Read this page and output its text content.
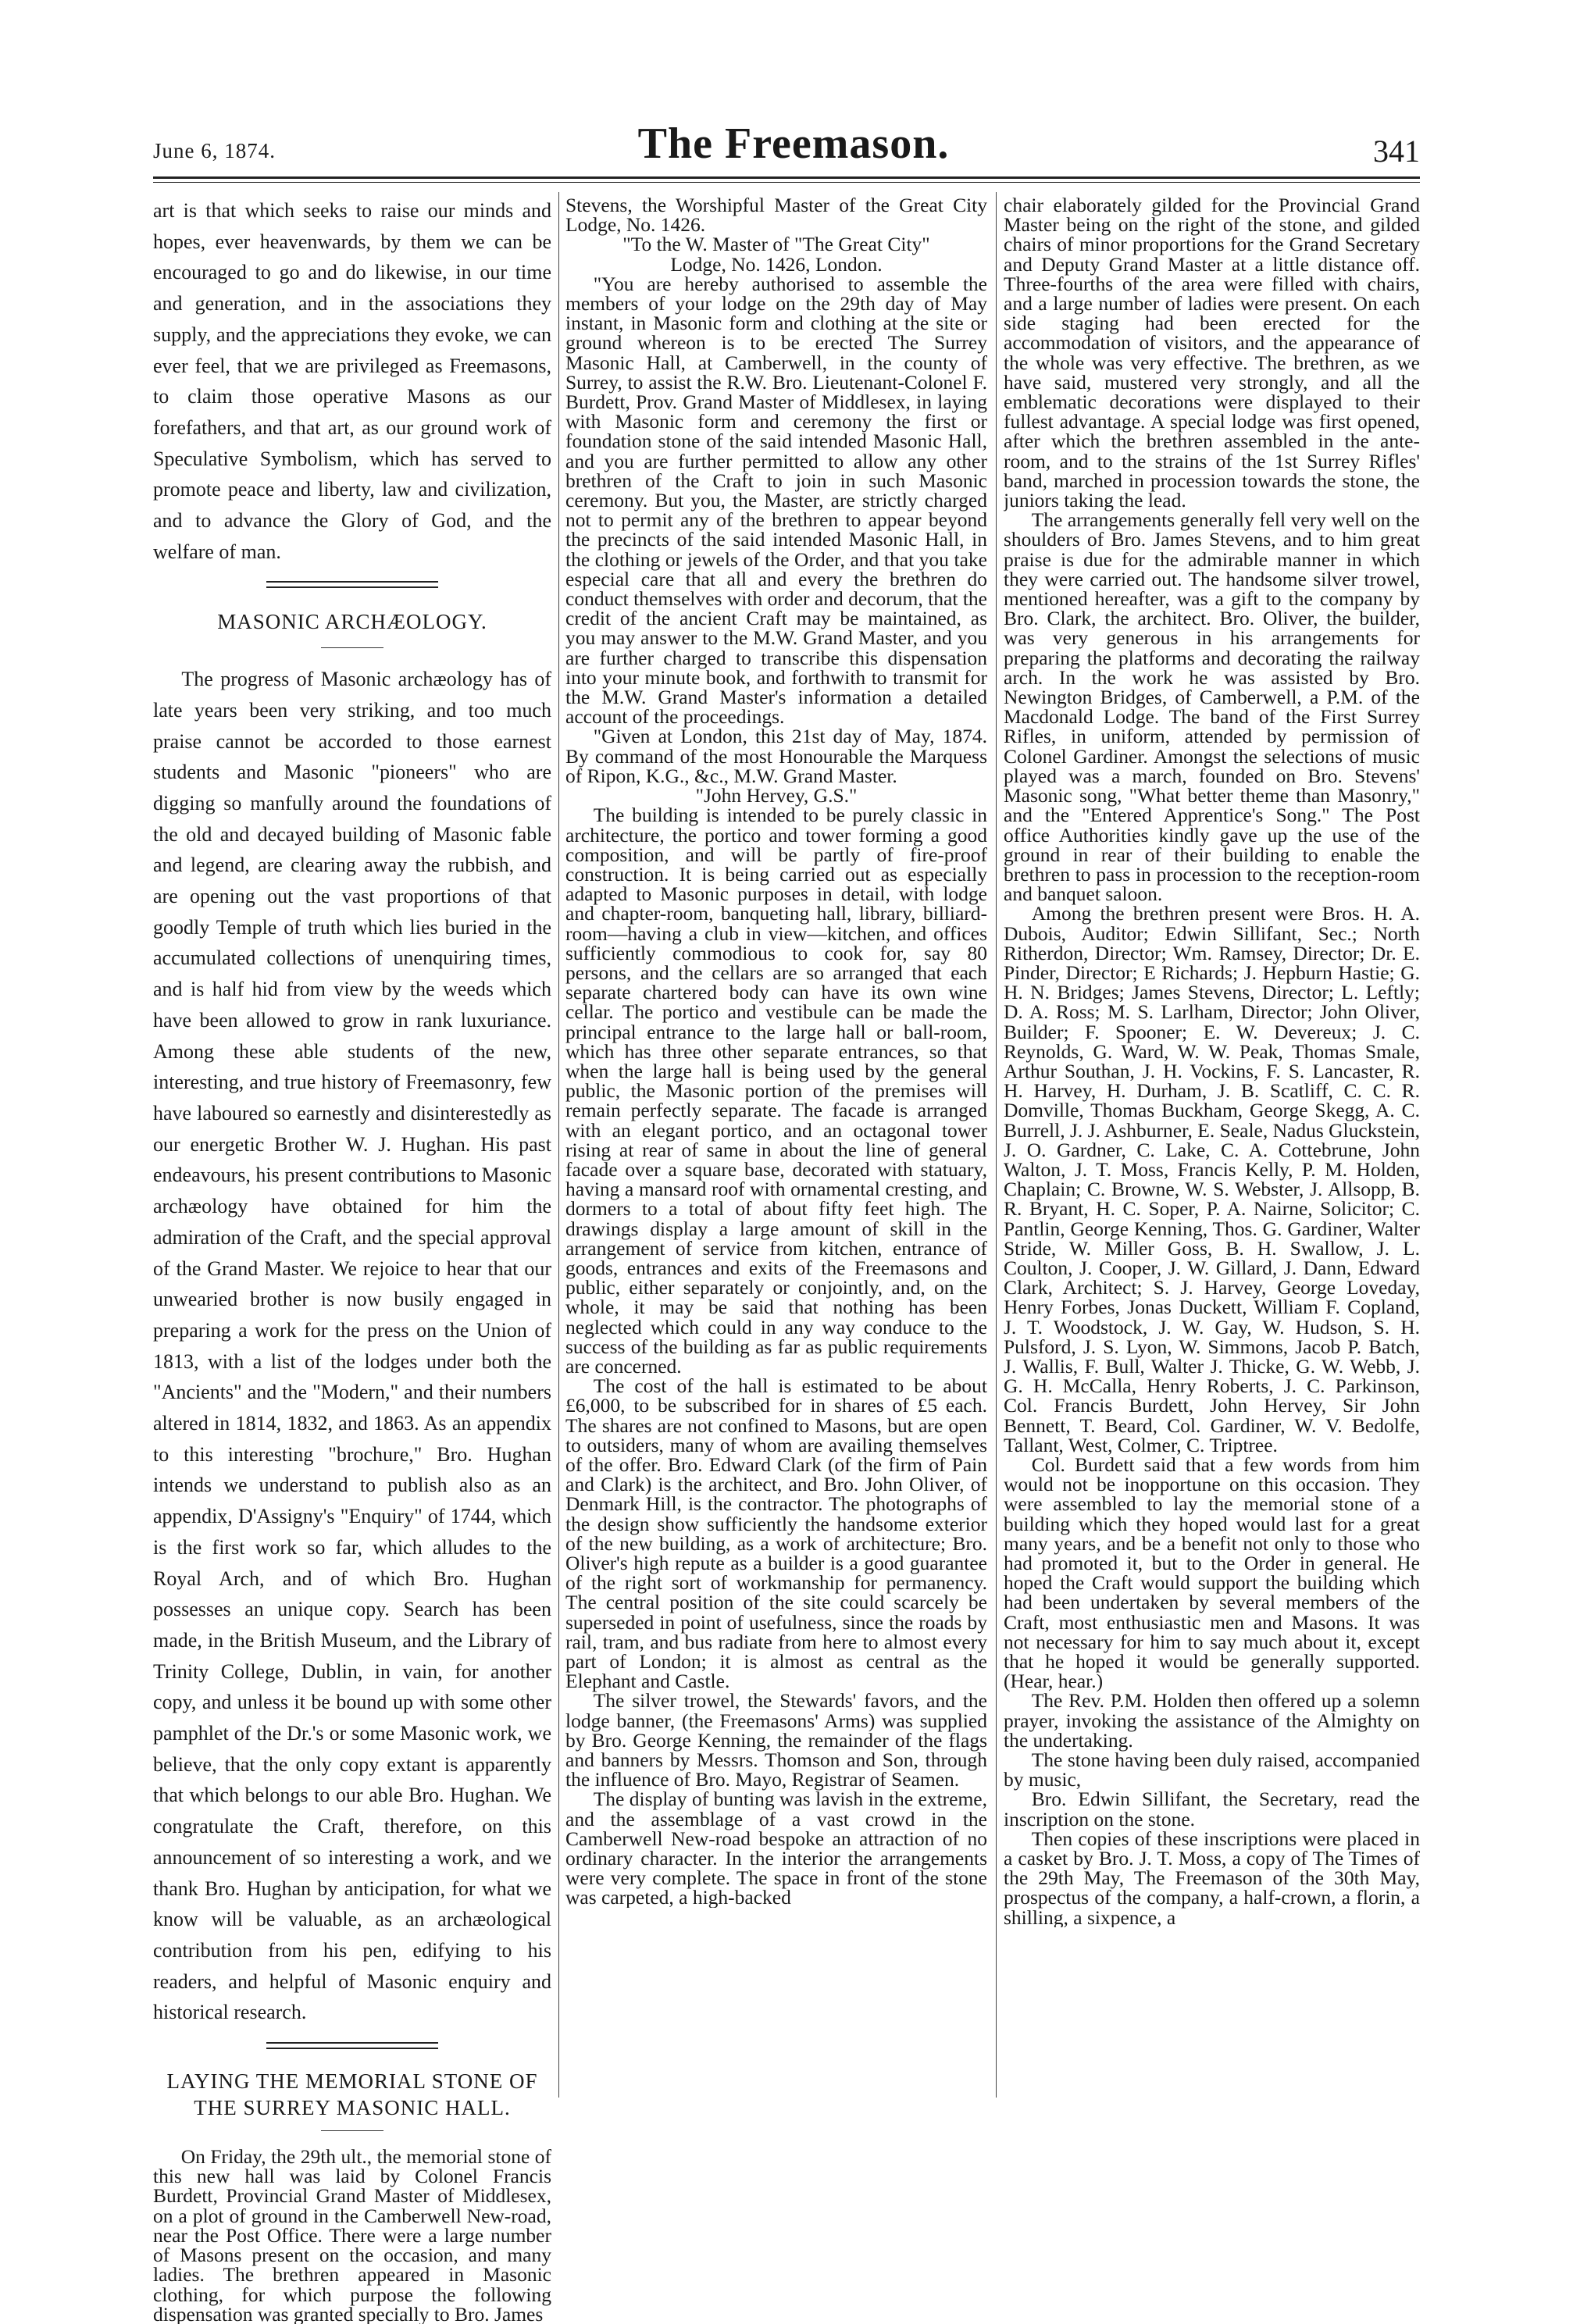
June 6, 1874.	The Freemason.	341

art is that which seeks to raise our minds and hopes, ever heavenwards, by them we can be encouraged to go and do likewise, in our time and generation, and in the associations they supply, and the appreciations they evoke, we can ever feel, that we are privileged as Freemasons, to claim those operative Masons as our forefathers, and that art, as our ground work of Speculative Symbolism, which has served to promote peace and liberty, law and civilization, and to advance the Glory of God, and the welfare of man.

MASONIC ARCHÆOLOGY.

The progress of Masonic archæology has of late years been very striking, and too much praise cannot be accorded to those earnest students and Masonic "pioneers" who are digging so manfully around the foundations of the old and decayed building of Masonic fable and legend, are clearing away the rubbish, and are opening out the vast proportions of that goodly Temple of truth which lies buried in the accumulated collections of unenquiring times, and is half hid from view by the weeds which have been allowed to grow in rank luxuriance. Among these able students of the new, interesting, and true history of Freemasonry, few have laboured so earnestly and disinterestedly as our energetic Brother W. J. Hughan. His past endeavours, his present contributions to Masonic archæology have obtained for him the admiration of the Craft, and the special approval of the Grand Master. We rejoice to hear that our unwearied brother is now busily engaged in preparing a work for the press on the Union of 1813, with a list of the lodges under both the "Ancients" and the "Modern," and their numbers altered in 1814, 1832, and 1863. As an appendix to this interesting "brochure," Bro. Hughan intends we understand to publish also as an appendix, D'Assigny's "Enquiry" of 1744, which is the first work so far, which alludes to the Royal Arch, and of which Bro. Hughan possesses an unique copy. Search has been made, in the British Museum, and the Library of Trinity College, Dublin, in vain, for another copy, and unless it be bound up with some other pamphlet of the Dr.'s or some Masonic work, we believe, that the only copy extant is apparently that which belongs to our able Bro. Hughan. We congratulate the Craft, therefore, on this announcement of so interesting a work, and we thank Bro. Hughan by anticipation, for what we know will be valuable, as an archæological contribution from his pen, edifying to his readers, and helpful of Masonic enquiry and historical research.

LAYING THE MEMORIAL STONE OF THE SURREY MASONIC HALL.

On Friday, the 29th ult., the memorial stone of this new hall was laid by Colonel Francis Burdett, Provincial Grand Master of Middlesex, on a plot of ground in the Camberwell New-road, near the Post Office. There were a large number of Masons present on the occasion, and many ladies. The brethren appeared in Masonic clothing, for which purpose the following dispensation was granted specially to Bro. James

Stevens, the Worshipful Master of the Great City Lodge, No. 1426.

"To the W. Master of "The Great City"

Lodge, No. 1426, London.

"You are hereby authorised to assemble the members of your lodge on the 29th day of May instant, in Masonic form and clothing at the site or ground whereon is to be erected The Surrey Masonic Hall, at Camberwell, in the county of Surrey, to assist the R.W. Bro. Lieutenant-Colonel F. Burdett, Prov. Grand Master of Middlesex, in laying with Masonic form and ceremony the first or foundation stone of the said intended Masonic Hall, and you are further permitted to allow any other brethren of the Craft to join in such Masonic ceremony. But you, the Master, are strictly charged not to permit any of the brethren to appear beyond the precincts of the said intended Masonic Hall, in the clothing or jewels of the Order, and that you take especial care that all and every the brethren do conduct themselves with order and decorum, that the credit of the ancient Craft may be maintained, as you may answer to the M.W. Grand Master, and you are further charged to transcribe this dispensation into your minute book, and forthwith to transmit for the M.W. Grand Master's information a detailed account of the proceedings.

"Given at London, this 21st day of May, 1874. By command of the most Honourable the Marquess of Ripon, K.G., &c., M.W. Grand Master.

"John Hervey, G.S."

The building is intended to be purely classic in architecture, the portico and tower forming a good composition, and will be partly of fire-proof construction. It is being carried out as especially adapted to Masonic purposes in detail, with lodge and chapter-room, banqueting hall, library, billiard-room—having a club in view—kitchen, and offices sufficiently commodious to cook for, say 80 persons, and the cellars are so arranged that each separate chartered body can have its own wine cellar. The portico and vestibule can be made the principal entrance to the large hall or ball-room, which has three other separate entrances, so that when the large hall is being used by the general public, the Masonic portion of the premises will remain perfectly separate. The facade is arranged with an elegant portico, and an octagonal tower rising at rear of same in about the line of general facade over a square base, decorated with statuary, having a mansard roof with ornamental cresting, and dormers to a total of about fifty feet high. The drawings display a large amount of skill in the arrangement of service from kitchen, entrance of goods, entrances and exits of the Freemasons and public, either separately or conjointly, and, on the whole, it may be said that nothing has been neglected which could in any way conduce to the success of the building as far as public requirements are concerned.

The cost of the hall is estimated to be about £6,000, to be subscribed for in shares of £5 each. The shares are not confined to Masons, but are open to outsiders, many of whom are availing themselves of the offer. Bro. Edward Clark (of the firm of Pain and Clark) is the architect, and Bro. John Oliver, of Denmark Hill, is the contractor. The photographs of the design show sufficiently the handsome exterior of the new building, as a work of architecture; Bro. Oliver's high repute as a builder is a good guarantee of the right sort of workmanship for permanency. The central position of the site could scarcely be superseded in point of usefulness, since the roads by rail, tram, and bus radiate from here to almost every part of London; it is almost as central as the Elephant and Castle.

The silver trowel, the Stewards' favors, and the lodge banner, (the Freemasons' Arms) was supplied by Bro. George Kenning, the remainder of the flags and banners by Messrs. Thomson and Son, through the influence of Bro. Mayo, Registrar of Seamen.

The display of bunting was lavish in the extreme, and the assemblage of a vast crowd in the Camberwell New-road bespoke an attraction of no ordinary character. In the interior the arrangements were very complete. The space in front of the stone was carpeted, a high-backed

chair elaborately gilded for the Provincial Grand Master being on the right of the stone, and gilded chairs of minor proportions for the Grand Secretary and Deputy Grand Master at a little distance off. Three-fourths of the area were filled with chairs, and a large number of ladies were present. On each side staging had been erected for the accommodation of visitors, and the appearance of the whole was very effective. The brethren, as we have said, mustered very strongly, and all the emblematic decorations were displayed to their fullest advantage. A special lodge was first opened, after which the brethren assembled in the ante-room, and to the strains of the 1st Surrey Rifles' band, marched in procession towards the stone, the juniors taking the lead.

The arrangements generally fell very well on the shoulders of Bro. James Stevens, and to him great praise is due for the admirable manner in which they were carried out. The handsome silver trowel, mentioned hereafter, was a gift to the company by Bro. Clark, the architect. Bro. Oliver, the builder, was very generous in his arrangements for preparing the platforms and decorating the railway arch. In the work he was assisted by Bro. Newington Bridges, of Camberwell, a P.M. of the Macdonald Lodge. The band of the First Surrey Rifles, in uniform, attended by permission of Colonel Gardiner. Amongst the selections of music played was a march, founded on Bro. Stevens' Masonic song, "What better theme than Masonry," and the "Entered Apprentice's Song." The Post office Authorities kindly gave up the use of the ground in rear of their building to enable the brethren to pass in procession to the reception-room and banquet saloon.

Among the brethren present were Bros. H. A. Dubois, Auditor; Edwin Sillifant, Sec.; North Ritherdon, Director; Wm. Ramsey, Director; Dr. E. Pinder, Director; E Richards; J. Hepburn Hastie; G. H. N. Bridges; James Stevens, Director; L. Leftly; D. A. Ross; M. S. Larlham, Director; John Oliver, Builder; F. Spooner; E. W. Devereux; J. C. Reynolds, G. Ward, W. W. Peak, Thomas Smale, Arthur Southan, J. H. Vockins, F. S. Lancaster, R. H. Harvey, H. Durham, J. B. Scatliff, C. C. R. Domville, Thomas Buckham, George Skegg, A. C. Burrell, J. J. Ashburner, E. Seale, Nadus Gluckstein, J. O. Gardner, C. Lake, C. A. Cottebrune, John Walton, J. T. Moss, Francis Kelly, P. M. Holden, Chaplain; C. Browne, W. S. Webster, J. Allsopp, B. R. Bryant, H. C. Soper, P. A. Nairne, Solicitor; C. Pantlin, George Kenning, Thos. G. Gardiner, Walter Stride, W. Miller Goss, B. H. Swallow, J. L. Coulton, J. Cooper, J. W. Gillard, J. Dann, Edward Clark, Architect; S. J. Harvey, George Loveday, Henry Forbes, Jonas Duckett, William F. Copland, J. T. Woodstock, J. W. Gay, W. Hudson, S. H. Pulsford, J. S. Lyon, W. Simmons, Jacob P. Batch, J. Wallis, F. Bull, Walter J. Thicke, G. W. Webb, J. G. H. McCalla, Henry Roberts, J. C. Parkinson, Col. Francis Burdett, John Hervey, Sir John Bennett, T. Beard, Col. Gardiner, W. V. Bedolfe, Tallant, West, Colmer, C. Triptree.

Col. Burdett said that a few words from him would not be inopportune on this occasion. They were assembled to lay the memorial stone of a building which they hoped would last for a great many years, and be a benefit not only to those who had promoted it, but to the Order in general. He hoped the Craft would support the building which had been undertaken by several members of the Craft, most enthusiastic men and Masons. It was not necessary for him to say much about it, except that he hoped it would be generally supported. (Hear, hear.)

The Rev. P.M. Holden then offered up a solemn prayer, invoking the assistance of the Almighty on the undertaking.

The stone having been duly raised, accompanied by music,

Bro. Edwin Sillifant, the Secretary, read the inscription on the stone.

Then copies of these inscriptions were placed in a casket by Bro. J. T. Moss, a copy of The Times of the 29th May, The Freemason of the 30th May, prospectus of the company, a half-crown, a florin, a shilling, a sixpence, a
